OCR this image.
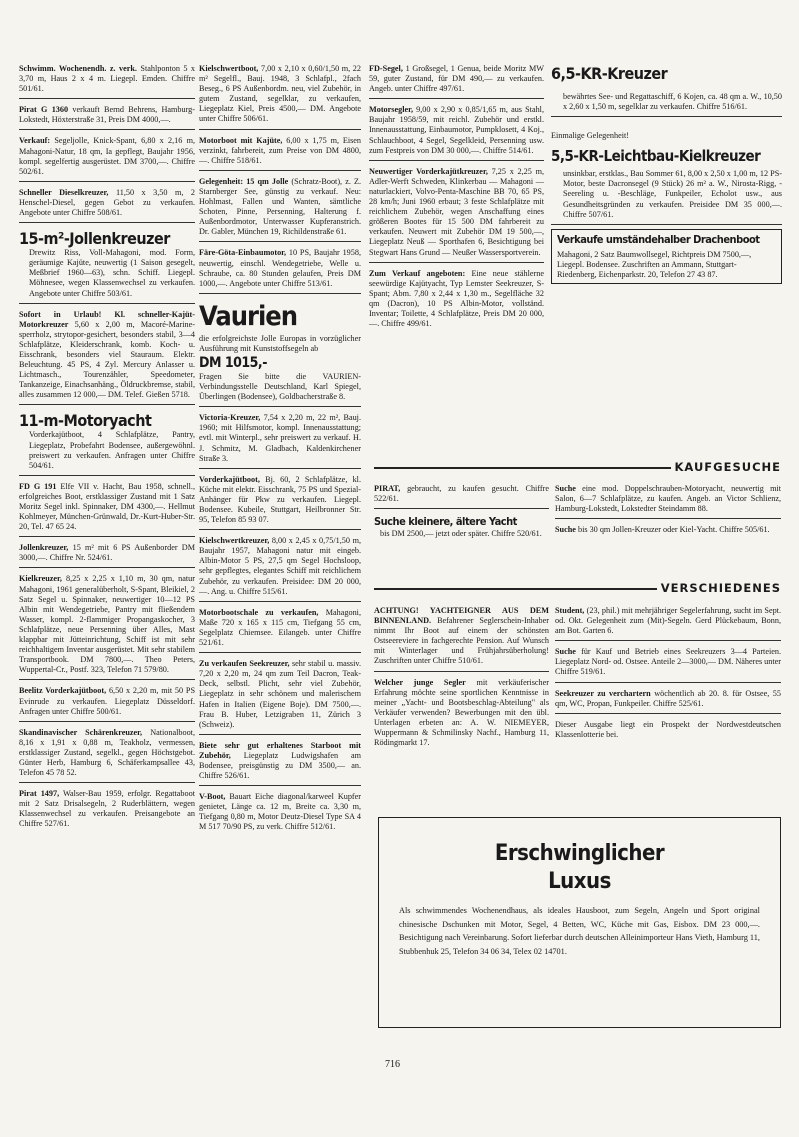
Schwimm. Wochenendh. z. verk. Stahlponton 5 x 3,70 m, Haus 2 x 4 m. Liegepl. Emden. Chiffre 501/61.
Pirat G 1360 verkauft Bernd Behrens, Hamburg-Lokstedt, Höxterstraße 31, Preis DM 4000,—.
Verkauf: Segeljolle, Knick-Spant, 6,80 x 2,16 m, Mahagoni-Natur, 18 qm, Ia gepflegt, Baujahr 1956, kompl. segelfertig ausgerüstet. DM 3700,—. Chiffre 502/61.
Schneller Dieselkreuzer, 11,50 x 3,50 m, 2 Henschel-Diesel, gegen Gebot zu verkaufen. Angebote unter Chiffre 508/61.
15-m²-Jollenkreuzer
Drewitz Riss, Voll-Mahagoni, mod. Form, geräumige Kajüte, neuwertig (1 Saison gesegelt, Meßbrief 1960—63), schn. Schiff. Liegepl. Möhnesee, wegen Klassenwechsel zu verkaufen. Angebote unter Chiffre 503/61.
Sofort in Urlaub! Kl. schneller-Kajüt-Motorkreuzer 5,60 x 2,00 m, Macoré-Marine-sperrholz, strytopor-gesichert, besonders stabil, 3—4 Schlafplätze, Kleiderschrank, komb. Koch- u. Eisschrank, besonders viel Stauraum. Elektr. Beleuchtung. 45 PS, 4 Zyl. Mercury Anlasser u. Lichtmasch., Tourenzähler, Speedometer, Tankanzeige, Einachsanhäng., Öldruckbremse, stabil, alles zusammen 12 000,— DM. Telef. Gießen 5718.
11-m-Motoryacht
Vorderkajütboot, 4 Schlafplätze, Pantry, Liegeplatz, Probefahrt Bodensee, außergewöhnl. preiswert zu verkaufen. Anfragen unter Chiffre 504/61.
FD G 191 Elfe VII v. Hacht, Bau 1958, schnell., erfolgreiches Boot, erstklassiger Zustand mit 1 Satz Moritz Segel inkl. Spinnaker, DM 4300,—. Hellmut Kohlmeyer, München-Grünwald, Dr.-Kurt-Huber-Str. 20, Tel. 47 65 24.
Jollenkreuzer, 15 m² mit 6 PS Außenborder DM 3000,—. Chiffre Nr. 524/61.
Kielkreuzer, 8,25 x 2,25 x 1,10 m, 30 qm, natur Mahagoni, 1961 generalüberholt, S-Spant, Bleikiel, 2 Satz Segel u. Spinnaker, neuwertiger 10—12 PS Albin mit Wendegetriebe, Pantry mit fließendem Wasser, kompl. 2-flammiger Propangaskocher, 3 Schlafplätze, neue Persenning über Alles, Mast klappbar mit Jütteinrichtung, Schiff ist mit sehr reichhaltigem Inventar ausgerüstet. Mit sehr stabilem Transportbook. DM 7800,—. Theo Peters, Wuppertal-Cr., Postf. 323, Telefon 71 579/80.
Beelitz Vorderkajütboot, 6,50 x 2,20 m, mit 50 PS Evinrude zu verkaufen. Liegeplatz Düsseldorf. Anfragen unter Chiffre 500/61.
Skandinavischer Schärenkreuzer, Nationalboot, 8,16 x 1,91 x 0,88 m, Teakholz, vermessen, erstklassiger Zustand, segelkl., gegen Höchstgebot. Günter Herb, Hamburg 6, Schäferkampsallee 43, Telefon 45 78 52.
Pirat 1497, Walser-Bau 1959, erfolgr. Regattaboot mit 2 Satz Drisalsegeln, 2 Ruderblättern, wegen Klassenwechsel zu verkaufen. Preisangebote an Chiffre 527/61.
Kielschwertboot, 7,00 x 2,10 x 0,60/1,50 m, 22 m² Segelfl., Bauj. 1948, 3 Schlafpl., 2fach Beseg., 6 PS Außenbordm. neu, viel Zubehör, in gutem Zustand, segelklar, zu verkaufen, Liegeplatz Kiel, Preis 4500,— DM. Angebote unter Chiffre 506/61.
Motorboot mit Kajüte, 6,00 x 1,75 m, Eisen verzinkt, fahrbereit, zum Preise von DM 4800,—. Chiffre 518/61.
Gelegenheit: 15 qm Jolle (Schratz-Boot), z. Z. Starnberger See, günstig zu verkauf. Neu: Hohlmast, Fallen und Wanten, sämtliche Schoten, Pinne, Persenning, Halterung f. Außenbordmotor, Unterwasser Kupferanstrich. Dr. Gabler, München 19, Richildenstraße 61.
Färe-Göta-Einbaumotor, 10 PS, Baujahr 1958, neuwertig, einschl. Wendegetriebe, Welle u. Schraube, ca. 80 Stunden gelaufen, Preis DM 1000,—. Angebote unter Chiffre 513/61.
Vaurien
die erfolgreichste Jolle Europas in vorzüglicher Ausführung mit Kunststoffsegeln ab
DM 1015,-
Fragen Sie bitte die VAURIEN-Verbindungsstelle Deutschland, Karl Spiegel, Überlingen (Bodensee), Goldbacherstraße 8.
Victoria-Kreuzer, 7,54 x 2,20 m, 22 m², Bauj. 1960; mit Hilfsmotor, kompl. Innenausstattung; evtl. mit Winterpl., sehr preiswert zu verkauf. H. J. Schmitz, M. Gladbach, Kaldenkirchener Straße 3.
Vorderkajütboot, Bj. 60, 2 Schlafplätze, kl. Küche mit elektr. Eisschrank, 75 PS und Spezial-Anhänger für Pkw zu verkaufen. Liegepl. Bodensee. Kubeile, Stuttgart, Heilbronner Str. 95, Telefon 85 93 07.
Kielschwertkreuzer, 8,00 x 2,45 x 0,75/1,50 m, Baujahr 1957, Mahagoni natur mit eingeb. Albin-Motor 5 PS, 27,5 qm Segel Hochsloop, sehr gepflegtes, elegantes Schiff mit reichlichem Zubehör, zu verkaufen. Preisidee: DM 20 000,—. Ang. u. Chiffre 515/61.
Motorbootschale zu verkaufen, Mahagoni, Maße 720 x 165 x 115 cm, Tiefgang 55 cm, Segelplatz Chiemsee. Eilangeb. unter Chiffre 521/61.
Zu verkaufen Seekreuzer, sehr stabil u. massiv. 7,20 x 2,20 m, 24 qm zum Teil Dacron, Teak-Deck, selbstl. Plicht, sehr viel Zubehör, Liegeplatz in sehr schönem und malerischem Hafen in Italien (Eigene Boje). DM 7500,—. Frau B. Huber, Letzigraben 11, Zürich 3 (Schweiz).
Biete sehr gut erhaltenes Starboot mit Zubehör, Liegeplatz Ludwigshafen am Bodensee, preisgünstig zu DM 3500,— an. Chiffre 526/61.
V-Boot, Bauart Eiche diagonal/karweel Kupfer genietet, Länge ca. 12 m, Breite ca. 3,30 m, Tiefgang 0,80 m, Motor Deutz-Diesel Type SA 4 M 517 70/90 PS, zu verk. Chiffre 512/61.
FD-Segel, 1 Großsegel, 1 Genua, beide Moritz MW 59, guter Zustand, für DM 490,— zu verkaufen. Angeb. unter Chiffre 497/61.
Motorsegler, 9,00 x 2,90 x 0,85/1,65 m, aus Stahl, Baujahr 1958/59, mit reichl. Zubehör und erstkl. Innenausstattung, Einbaumotor, Pumpklosett, 4 Koj., Schlauchboot, 4 Segel, Segelkleid, Persenning usw. zum Festpreis von DM 30 000,—. Chiffre 514/61.
Neuwertiger Vorderkajütkreuzer, 7,25 x 2,25 m, Adler-Werft Schweden, Klinkerbau — Mahagoni — naturlackiert, Volvo-Penta-Maschine BB 70, 65 PS, 28 km/h; Juni 1960 erbaut; 3 feste Schlafplätze mit reichlichem Zubehör, wegen Anschaffung eines größeren Bootes für 15 500 DM fahrbereit zu verkaufen. Neuwert mit Zubehör DM 19 500,—, Liegeplatz Neuß — Sporthafen 6, Besichtigung bei Stegwart Hans Grund — Neußer Wassersportverein.
Zum Verkauf angeboten: Eine neue stählerne seewürdige Kajütyacht, Typ Lemster Seekreuzer, S-Spant; Abm. 7,80 x 2,44 x 1,30 m., Segelfläche 32 qm (Dacron), 10 PS Albin-Motor, vollständ. Inventar; Toilette, 4 Schlafplätze, Preis DM 20 000,—. Chiffre 499/61.
6,5-KR-Kreuzer
bewährtes See- und Regattaschiff, 6 Kojen, ca. 48 qm a. W., 10,50 x 2,60 x 1,50 m, segelklar zu verkaufen. Chiffre 516/61.
Einmalige Gelegenheit!
5,5-KR-Leichtbau-Kielkreuzer
unsinkbar, erstklas., Bau Sommer 61, 8,00 x 2,50 x 1,00 m, 12 PS-Motor, beste Dacronsegel (9 Stück) 26 m² a. W., Nirosta-Rigg, -Seereling u. -Beschläge, Funkpeiler, Echolot usw., aus Gesundheitsgründen zu verkaufen. Preisidee DM 35 000,—. Chiffre 507/61.
Verkaufe umständehalber Drachenboot
Mahagoni, 2 Satz Baumwollsegel, Richtpreis DM 7500,—, Liegepl. Bodensee. Zuschriften an Ammann, Stuttgart-Riedenberg, Eichenparkstr. 20, Telefon 27 43 87.
KAUFGESUCHE
PIRAT, gebraucht, zu kaufen gesucht. Chiffre 522/61.
Suche kleinere, ältere Yacht
bis DM 2500,— jetzt oder später. Chiffre 520/61.
Suche eine mod. Doppelschrauben-Motoryacht, neuwertig mit Salon, 6—7 Schlafplätze, zu kaufen. Angeb. an Victor Schlienz, Hamburg-Lokstedt, Lokstedter Steindamm 88.
Suche bis 30 qm Jollen-Kreuzer oder Kiel-Yacht. Chiffre 505/61.
VERSCHIEDENES
ACHTUNG! YACHTEIGNER AUS DEM BINNENLAND. Befahrener Seglerschein-Inhaber nimmt Ihr Boot auf einem der schönsten Ostseereviere in fachgerechte Pension. Auf Wunsch mit Winterlager und Frühjahrsüberholung! Zuschriften unter Chiffre 510/61.
Welcher junge Segler mit verkäuferischer Erfahrung möchte seine sportlichen Kenntnisse in meiner „Yacht- und Bootsbeschlag-Abteilung" als Verkäufer verwenden? Bewerbungen mit den übl. Unterlagen erbeten an: A. W. NIEMEYER, Wuppermann & Schmilinsky Nachf., Hamburg 11, Rödingmarkt 17.
Student, (23, phil.) mit mehrjähriger Segelerfahrung, sucht im Sept. od. Okt. Gelegenheit zum (Mit)-Segeln. Gerd Plückebaum, Bonn, am Bot. Garten 6.
Suche für Kauf und Betrieb eines Seekreuzers 3—4 Parteien. Liegeplatz Nord- od. Ostsee. Anteile 2—3000,— DM. Näheres unter Chiffre 519/61.
Seekreuzer zu verchartern wöchentlich ab 20. 8. für Ostsee, 55 qm, WC, Propan, Funkpeiler. Chiffre 525/61.
Dieser Ausgabe liegt ein Prospekt der Nordwestdeutschen Klassenlotterie bei.
Erschwinglicher
Luxus
Als schwimmendes Wochenendhaus, als ideales Hausboot, zum Segeln, Angeln und Sport original chinesische Dschunken mit Motor, Segel, 4 Betten, WC, Küche mit Gas, Eisbox. DM 23 000,—. Besichtigung nach Vereinbarung. Sofort lieferbar durch deutschen Alleinimporteur Hans Vieth, Hamburg 11, Stubbenhuk 25, Telefon 34 06 34, Telex 02 14701.
716
